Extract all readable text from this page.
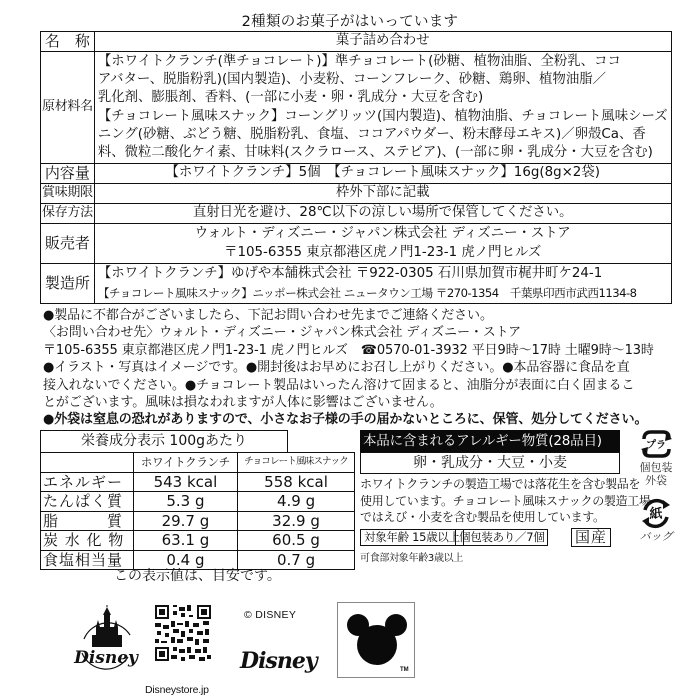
2種類のお菓子がはいっています
名　称	菓子詰め合わせ
原材料名	
【ホワイトクランチ(準チョコレート)】準チョコレート(砂糖、植物油脂、全粉乳、ココ
アバター、脱脂粉乳)(国内製造)、小麦粉、コーンフレーク、砂糖、鶏卵、植物油脂／
乳化剤、膨脹剤、香料、(一部に小麦・卵・乳成分・大豆を含む)
【チョコレート風味スナック】コーングリッツ(国内製造)、植物油脂、チョコレート風味シーズ
ニング(砂糖、ぶどう糖、脱脂粉乳、食塩、ココアパウダー、粉末酵母エキス)／卵殻Ca、香
料、微粒二酸化ケイ素、甘味料(スクラロース、ステビア)、(一部に卵・乳成分・大豆を含む)

内容量	【ホワイトクランチ】5個　【チョコレート風味スナック】16g(8g×2袋)
賞味期限	枠外下部に記載
保存方法	直射日光を避け、28℃以下の涼しい場所で保管してください。
販売者	ウォルト・ディズニー・ジャパン株式会社 ディズニー・ストア
〒105-6355 東京都港区虎ノ門1-23-1 虎ノ門ヒルズ

製造所	【ホワイトクランチ】ゆげや本舗株式会社 〒922-0305 石川県加賀市梶井町ケ24-1
【チョコレート風味スナック】ニッポー株式会社 ニュータウン工場 〒270-1354　千葉県印西市武西1134-8
●製品に不都合がございましたら、下記お問い合わせ先までご連絡ください。
〈お問い合わせ先〉ウォルト・ディズニー・ジャパン株式会社 ディズニー・ストア
〒105-6355 東京都港区虎ノ門1-23-1 虎ノ門ヒルズ　☎0570-01-3932 平日9時～17時 土曜9時～13時
●イラスト・写真はイメージです。●開封後はお早めにお召し上がりください。●本品容器に食品を直
接入れないでください。●チョコレート製品はいったん溶けて固まると、油脂分が表面に白く固まるこ
とがございます。風味は損なわれますが人体に影響はございません。
●外袋は窒息の恐れがありますので、小さなお子様の手の届かないところに、保管、処分してください。
栄養成分表示 100gあたり
	ホワイトクランチ	チョコレート風味スナック
エネルギー	543 kcal	558 kcal
たんぱく質	5.3 g	4.9 g
脂　　　質	29.7 g	32.9 g
炭 水 化 物	63.1 g	60.5 g
食塩相当量	0.4 g	0.7 g
この表示値は、目安です。
本品に含まれるアレルギー物質(28品目)
卵・乳成分・大豆・小麦
ホワイトクランチの製造工場では落花生を含む製品を
使用しています。チョコレート風味スナックの製造工場
ではえび・小麦を含む製品を使用しています。
対象年齢 15歳以上 個包装あり／7個 国産
可食部対象年齢3歳以上
プラ
個包装
外袋
紙
バッグ
Disney
Disneystore.jp
© DISNEY
Disney	TM
